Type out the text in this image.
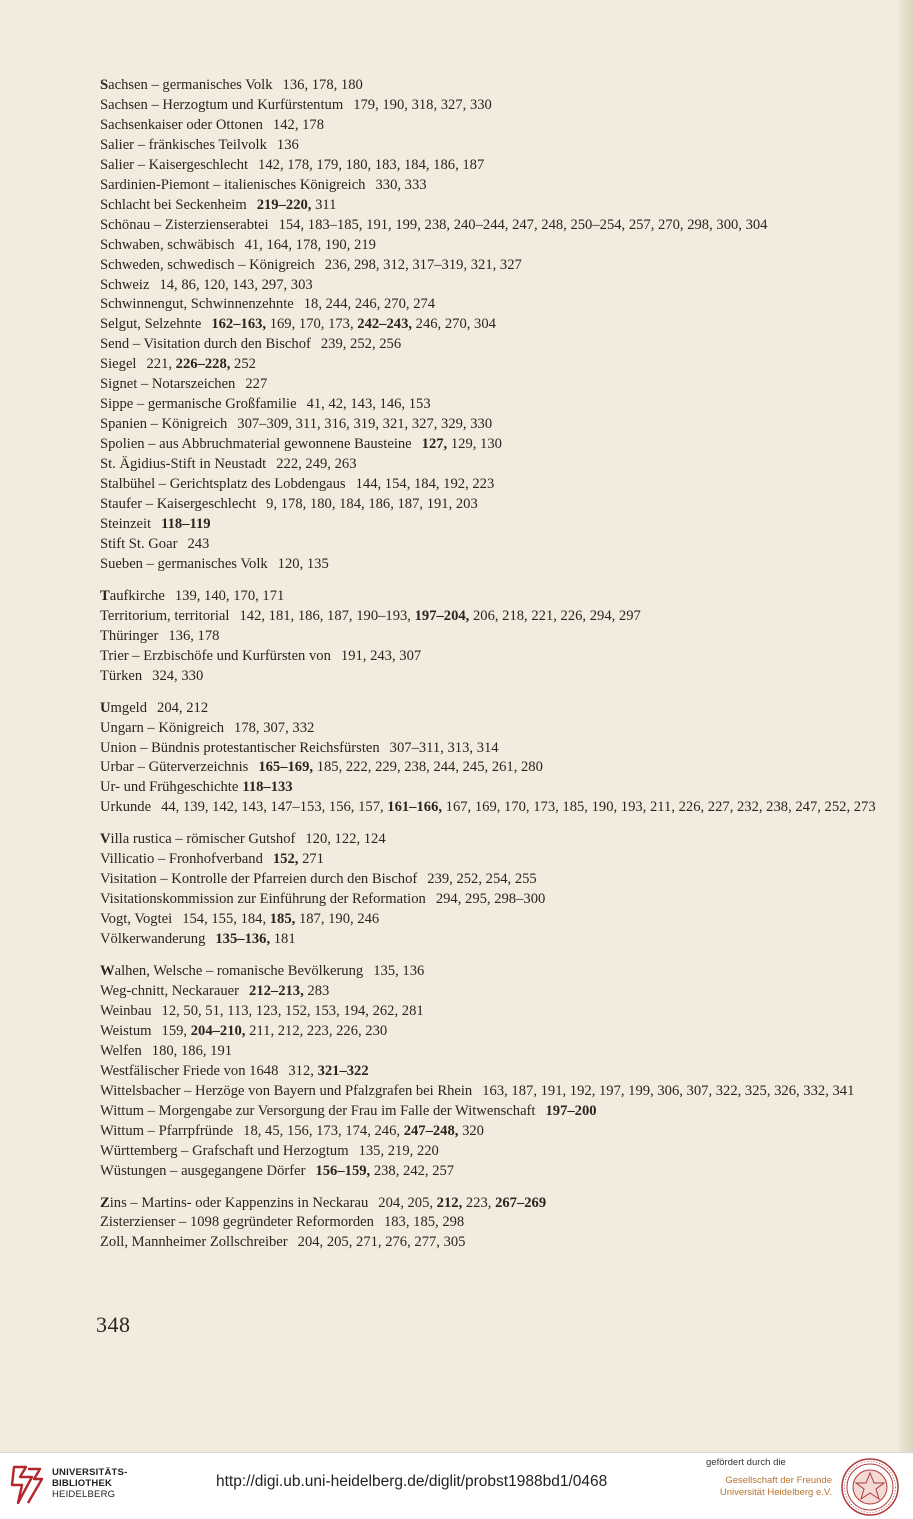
Sachsen – germanisches Volk 136, 178, 180
Sachsen – Herzogtum und Kurfürstentum 179, 190, 318, 327, 330
Sachsenkaiser oder Ottonen 142, 178
Salier – fränkisches Teilvolk 136
Salier – Kaisergeschlecht 142, 178, 179, 180, 183, 184, 186, 187
Sardinien-Piemont – italienisches Königreich 330, 333
Schlacht bei Seckenheim 219–220, 311
Schönau – Zisterzienserabtei 154, 183–185, 191, 199, 238, 240–244, 247, 248, 250–254, 257, 270, 298, 300, 304
Schwaben, schwäbisch 41, 164, 178, 190, 219
Schweden, schwedisch – Königreich 236, 298, 312, 317–319, 321, 327
Schweiz 14, 86, 120, 143, 297, 303
Schwinnengut, Schwinnenzehnte 18, 244, 246, 270, 274
Selgut, Selzehnte 162–163, 169, 170, 173, 242–243, 246, 270, 304
Send – Visitation durch den Bischof 239, 252, 256
Siegel 221, 226–228, 252
Signet – Notarszeichen 227
Sippe – germanische Großfamilie 41, 42, 143, 146, 153
Spanien – Königreich 307–309, 311, 316, 319, 321, 327, 329, 330
Spolien – aus Abbruchmaterial gewonnene Bausteine 127, 129, 130
St. Ägidius-Stift in Neustadt 222, 249, 263
Stalbühel – Gerichtsplatz des Lobdengaus 144, 154, 184, 192, 223
Staufer – Kaisergeschlecht 9, 178, 180, 184, 186, 187, 191, 203
Steinzeit 118–119
Stift St. Goar 243
Sueben – germanisches Volk 120, 135
Taufkirche 139, 140, 170, 171
Territorium, territorial 142, 181, 186, 187, 190–193, 197–204, 206, 218, 221, 226, 294, 297
Thüringer 136, 178
Trier – Erzbischöfe und Kurfürsten von 191, 243, 307
Türken 324, 330
Umgeld 204, 212
Ungarn – Königreich 178, 307, 332
Union – Bündnis protestantischer Reichsfürsten 307–311, 313, 314
Urbar – Güterverzeichnis 165–169, 185, 222, 229, 238, 244, 245, 261, 280
Ur- und Frühgeschichte 118–133
Urkunde 44, 139, 142, 143, 147–153, 156, 157, 161–166, 167, 169, 170, 173, 185, 190, 193, 211, 226, 227, 232, 238, 247, 252, 273
Villa rustica – römischer Gutshof 120, 122, 124
Villicatio – Fronhofverband 152, 271
Visitation – Kontrolle der Pfarreien durch den Bischof 239, 252, 254, 255
Visitationskommission zur Einführung der Reformation 294, 295, 298–300
Vogt, Vogtei 154, 155, 184, 185, 187, 190, 246
Völkerwanderung 135–136, 181
Walhen, Welsche – romanische Bevölkerung 135, 136
Weg-chnitt, Neckarauer 212–213, 283
Weinbau 12, 50, 51, 113, 123, 152, 153, 194, 262, 281
Weistum 159, 204–210, 211, 212, 223, 226, 230
Welfen 180, 186, 191
Westfälischer Friede von 1648 312, 321–322
Wittelsbacher – Herzöge von Bayern und Pfalzgrafen bei Rhein 163, 187, 191, 192, 197, 199, 306, 307, 322, 325, 326, 332, 341
Wittum – Morgengabe zur Versorgung der Frau im Falle der Witwenschaft 197–200
Wittum – Pfarrpfründe 18, 45, 156, 173, 174, 246, 247–248, 320
Württemberg – Grafschaft und Herzogtum 135, 219, 220
Wüstungen – ausgegangene Dörfer 156–159, 238, 242, 257
Zins – Martins- oder Kappenzins in Neckarau 204, 205, 212, 223, 267–269
Zisterzienser – 1098 gegründeter Reformorden 183, 185, 298
Zoll, Mannheimer Zollschreiber 204, 205, 271, 276, 277, 305
348
UNIVERSITÄTS-
BIBLIOTHEK
HEIDELBERG
http://digi.ub.uni-heidelberg.de/diglit/probst1988bd1/0468
gefördert durch die
Gesellschaft der Freunde
Universität Heidelberg e.V.
